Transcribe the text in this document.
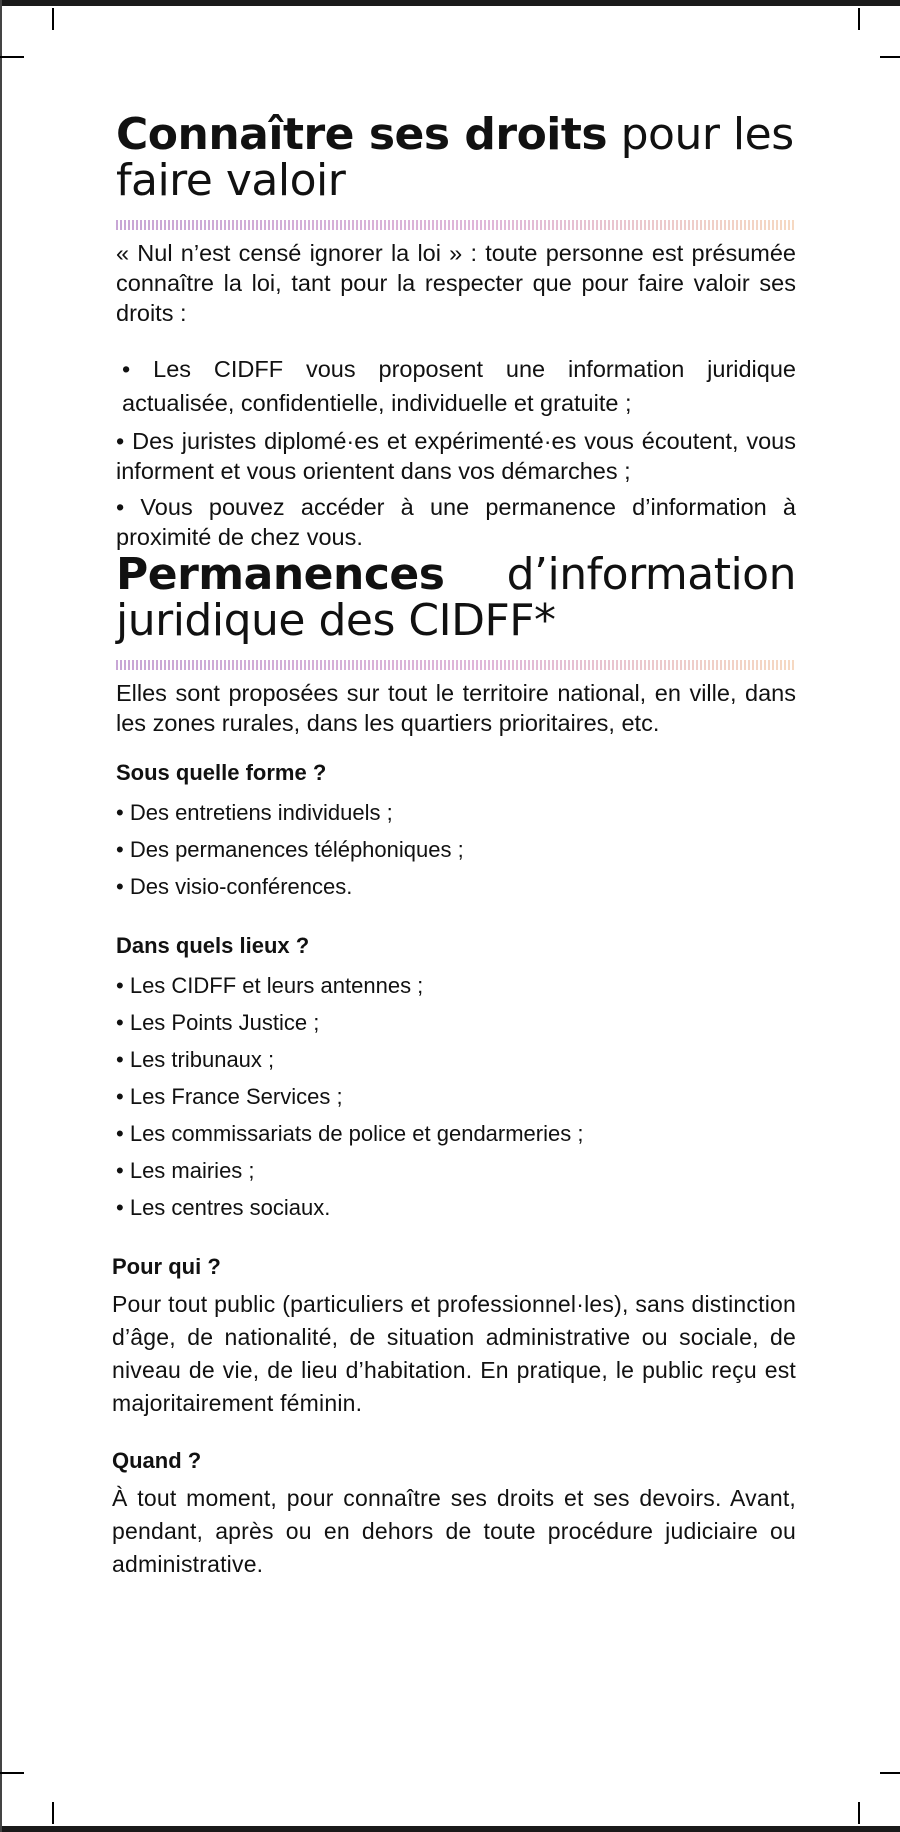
Connaître ses droits pour les faire valoir

« Nul n’est censé ignorer la loi » : toute personne est présumée connaître la loi, tant pour la respecter que pour faire valoir ses droits :

• Les CIDFF vous proposent une information juridique actualisée, confidentielle, individuelle et gratuite ;

• Des juristes diplomé·es et expérimenté·es vous écoutent, vous informent et vous orientent dans vos démarches ;

• Vous pouvez accéder à une permanence d’information à proximité de chez vous.

Permanences d’information juridique des CIDFF*

Elles sont proposées sur tout le territoire national, en ville, dans les zones rurales, dans les quartiers prioritaires, etc.

Sous quelle forme ?
• Des entretiens individuels ;
• Des permanences téléphoniques ;
• Des visio-conférences.
Dans quels lieux ?
• Les CIDFF et leurs antennes ;
• Les Points Justice ;
• Les tribunaux ;
• Les France Services ;
• Les commissariats de police et gendarmeries ;
• Les mairies ;
• Les centres sociaux.
Pour qui ?

Pour tout public (particuliers et professionnel·les), sans distinction d’âge, de nationalité, de situation administrative ou sociale, de niveau de vie, de lieu d’habitation. En pratique, le public reçu est majoritairement féminin.

Quand ?

À tout moment, pour connaître ses droits et ses devoirs. Avant, pendant, après ou en dehors de toute procédure judiciaire ou administrative.
